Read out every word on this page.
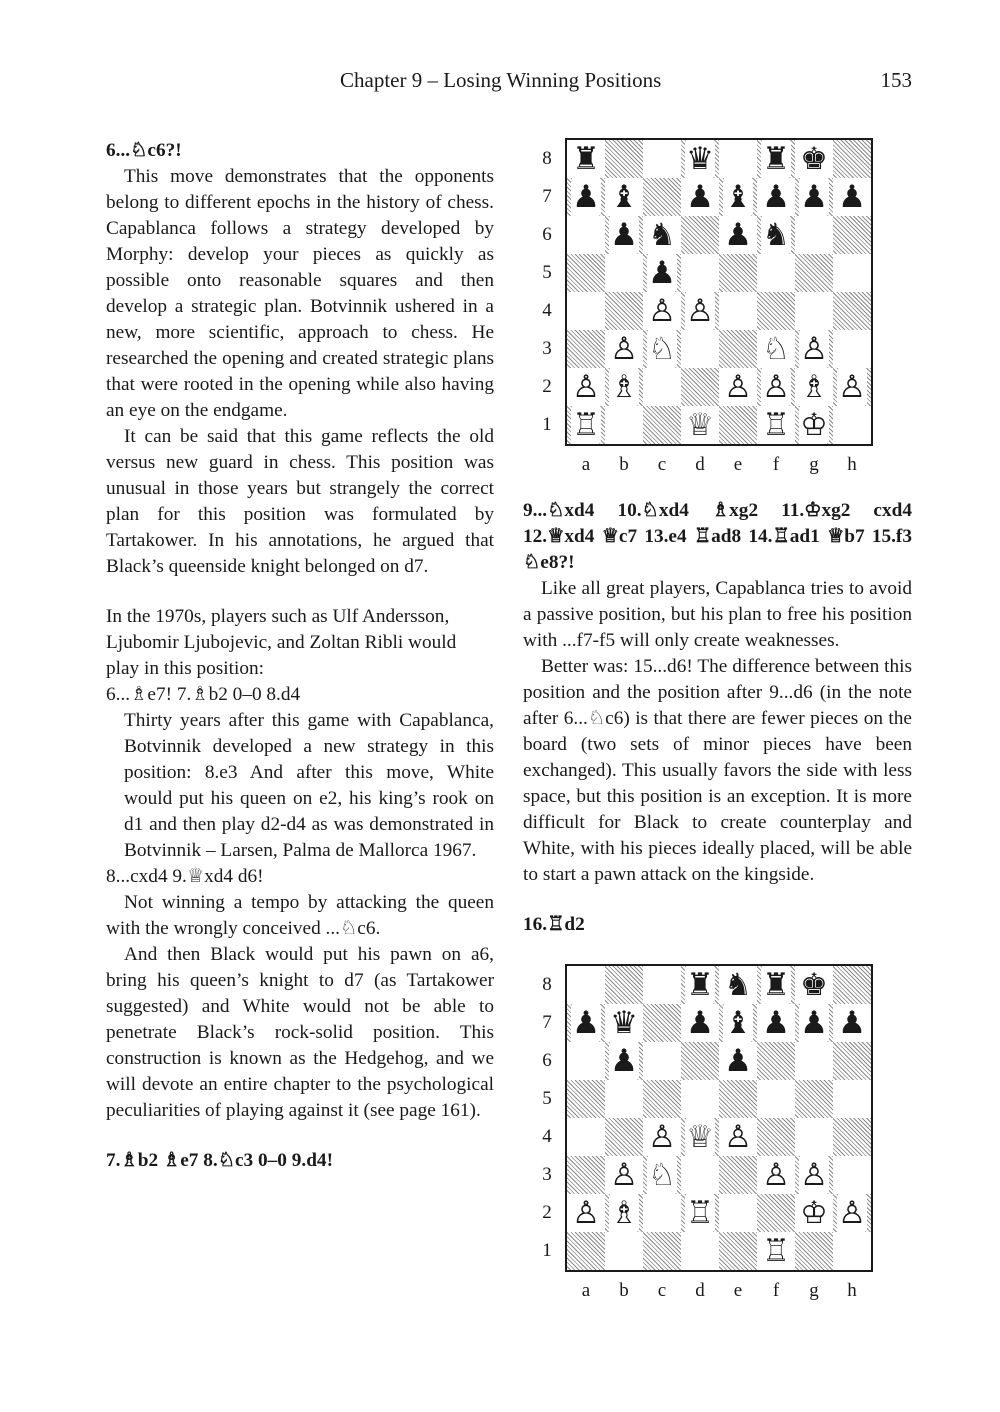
Chapter 9 – Losing Winning Positions	153

6...♘c6?!

This move demonstrates that the opponents belong to different epochs in the history of chess. Capablanca follows a strategy developed by Morphy: develop your pieces as quickly as possible onto reasonable squares and then develop a strategic plan. Botvinnik ushered in a new, more scientific, approach to chess. He researched the opening and created strategic plans that were rooted in the opening while also having an eye on the endgame.

It can be said that this game reflects the old versus new guard in chess. This position was unusual in those years but strangely the correct plan for this position was formulated by Tartakower. In his annotations, he argued that Black’s queenside knight belonged on d7.

In the 1970s, players such as Ulf Andersson, Ljubomir Ljubojevic, and Zoltan Ribli would play in this position:

6...♗e7! 7.♗b2 0–0 8.d4

Thirty years after this game with Capablanca, Botvinnik developed a new strategy in this position: 8.e3 And after this move, White would put his queen on e2, his king’s rook on d1 and then play d2-d4 as was demonstrated in Botvinnik – Larsen, Palma de Mallorca 1967.

8...cxd4 9.♕xd4 d6!

Not winning a tempo by attacking the queen with the wrongly conceived ...♘c6.

And then Black would put his pawn on a6, bring his queen’s knight to d7 (as Tartakower suggested) and White would not be able to penetrate Black’s rock-solid position. This construction is known as the Hedgehog, and we will devote an entire chapter to the psychological peculiarities of playing against it (see page 161).

7.♗b2 ♗e7 8.♘c3 0–0 9.d4!

8
7
6
5
4
3
2
1
♜	♛ ♜ ♚
♟ ♝ ♟ ♝ ♟ ♟ ♟
♟ ♞ ♟ ♞
♟
♙ ♙
♙ ♘	♘ ♙
♙ ♗	♙ ♙ ♗ ♙
♖	♕ ♖ ♔
a	b	c	d	e	f	g	h

9...♘xd4 10.♘xd4 ♗xg2 11.♔xg2 cxd4 12.♕xd4 ♕c7 13.e4 ♖ad8 14.♖ad1 ♕b7 15.f3 ♘e8?!

Like all great players, Capablanca tries to avoid a passive position, but his plan to free his position with ...f7-f5 will only create weaknesses.

Better was: 15...d6! The difference between this position and the position after 9...d6 (in the note after 6...♘c6) is that there are fewer pieces on the board (two sets of minor pieces have been exchanged). This usually favors the side with less space, but this position is an exception. It is more difficult for Black to create counterplay and White, with his pieces ideally placed, will be able to start a pawn attack on the kingside.

16.♖d2

8
7
6
5
4
3
2
1
♜ ♞ ♜ ♚
♟ ♛ ♟ ♝ ♟ ♟ ♟
♟	♟
♙ ♕ ♙
♙ ♘	♙ ♙
♙ ♗ ♖	♔ ♙
♖
a	b	c	d	e	f	g	h
